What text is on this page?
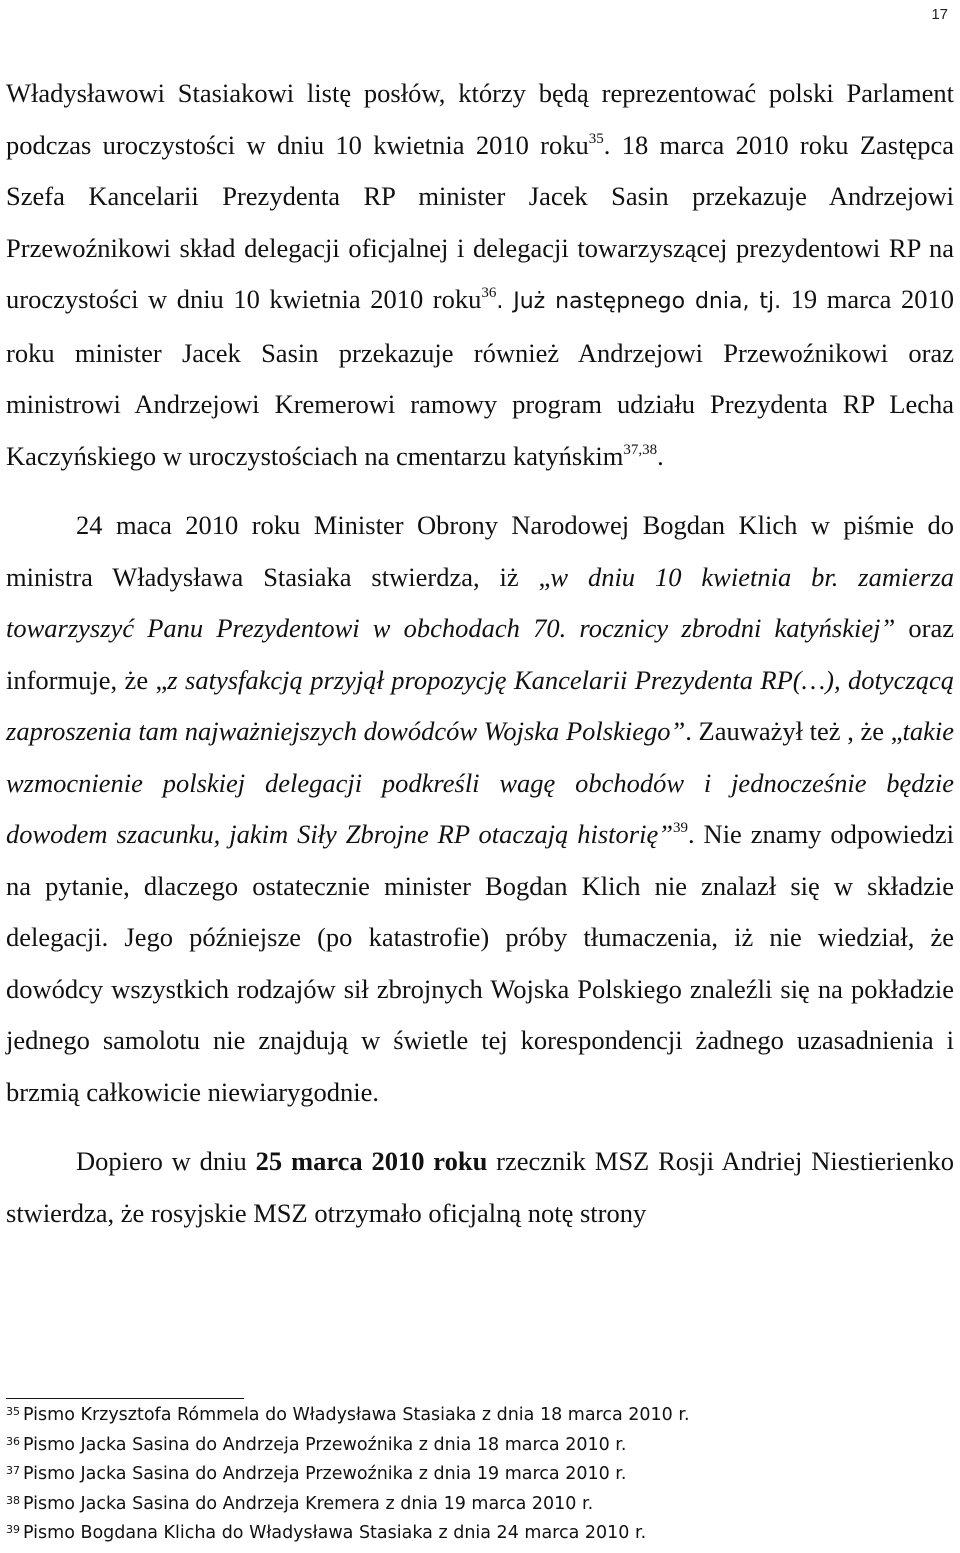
17

Władysławowi Stasiakowi listę posłów, którzy będą reprezentować polski Parlament podczas uroczystości w dniu 10 kwietnia 2010 roku$^{35}$. 18 marca 2010 roku Zastępca Szefa Kancelarii Prezydenta RP minister Jacek Sasin przekazuje Andrzejowi Przewoźnikowi skład delegacji oficjalnej i delegacji towarzyszącej prezydentowi RP na uroczystości w dniu 10 kwietnia 2010 roku$^{36}$. Już następnego dnia, tj. 19 marca 2010 roku minister Jacek Sasin przekazuje również Andrzejowi Przewoźnikowi oraz ministrowi Andrzejowi Kremerowi ramowy program udziału Prezydenta RP Lecha Kaczyńskiego w uroczystościach na cmentarzu katyńskim$^{37,38}$.

24 maca 2010 roku Minister Obrony Narodowej Bogdan Klich w piśmie do ministra Władysława Stasiaka stwierdza, iż „w dniu 10 kwietnia br. zamierza towarzyszyć Panu Prezydentowi w obchodach 70. rocznicy zbrodni katyńskiej” oraz informuje, że „z satysfakcją przyjął propozycję Kancelarii Prezydenta RP(…), dotyczącą zaproszenia tam najważniejszych dowódców Wojska Polskiego”. Zauważył też , że „takie wzmocnienie polskiej delegacji podkreśli wagę obchodów i jednocześnie będzie dowodem szacunku, jakim Siły Zbrojne RP otaczają historię”$^{39}$. Nie znamy odpowiedzi na pytanie, dlaczego ostatecznie minister Bogdan Klich nie znalazł się w składzie delegacji. Jego późniejsze (po katastrofie) próby tłumaczenia, iż nie wiedział, że dowódcy wszystkich rodzajów sił zbrojnych Wojska Polskiego znaleźli się na pokładzie jednego samolotu nie znajdują w świetle tej korespondencji żadnego uzasadnienia i brzmią całkowicie niewiarygodnie.

Dopiero w dniu 25 marca 2010 roku rzecznik MSZ Rosji Andriej Niestierienko stwierdza, że rosyjskie MSZ otrzymało oficjalną notę strony

35 Pismo Krzysztofa Rómmela do Władysława Stasiaka z dnia 18 marca 2010 r.
36 Pismo Jacka Sasina do Andrzeja Przewoźnika z dnia 18 marca 2010 r.
37 Pismo Jacka Sasina do Andrzeja Przewoźnika z dnia 19 marca 2010 r.
38 Pismo Jacka Sasina do Andrzeja Kremera z dnia 19 marca 2010 r.
39 Pismo Bogdana Klicha do Władysława Stasiaka z dnia 24 marca 2010 r.
